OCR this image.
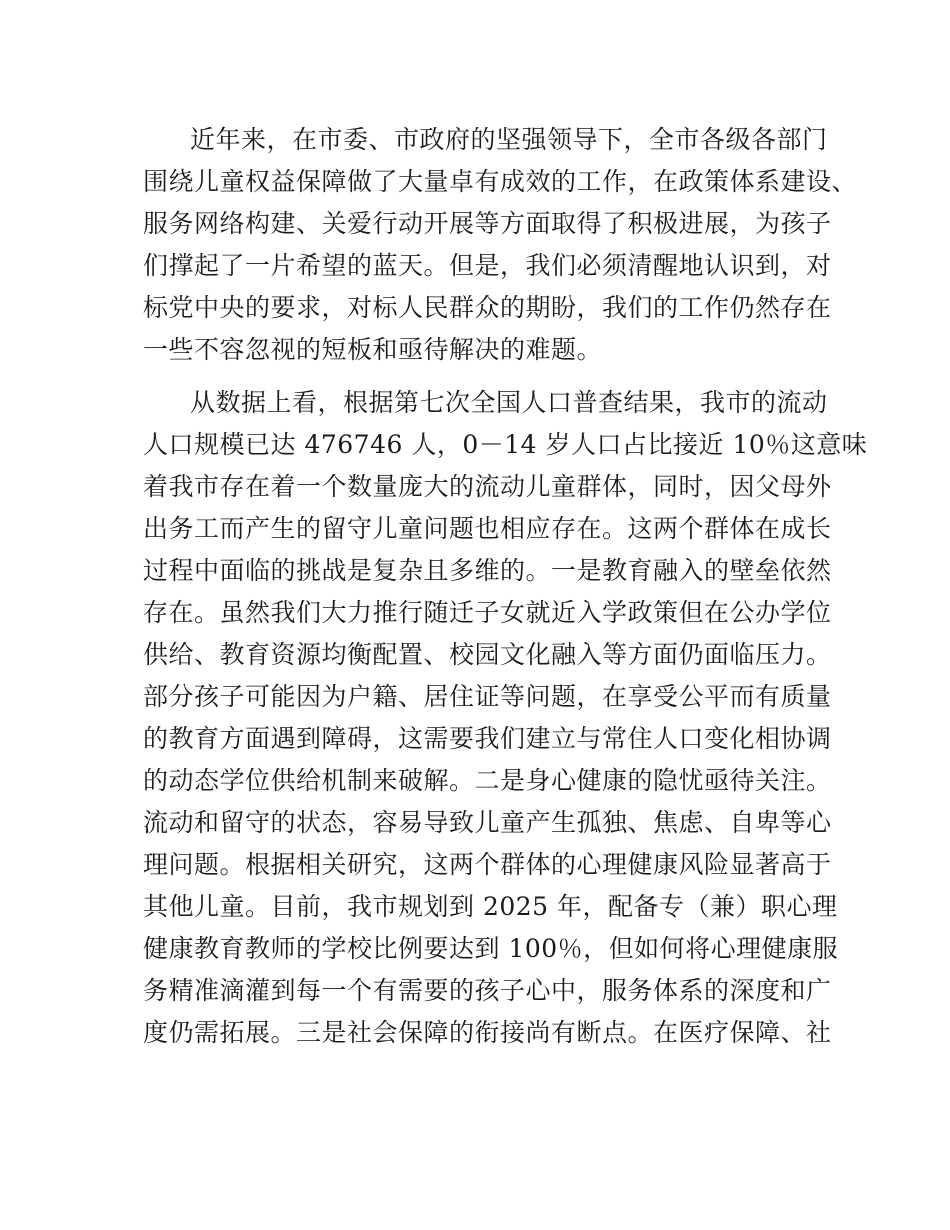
近年来，在市委、市政府的坚强领导下，全市各级各部门
围绕儿童权益保障做了大量卓有成效的工作，在政策体系建设、
服务网络构建、关爱行动开展等方面取得了积极进展，为孩子
们撑起了一片希望的蓝天。但是，我们必须清醒地认识到，对
标党中央的要求，对标人民群众的期盼，我们的工作仍然存在
一些不容忽视的短板和亟待解决的难题。
从数据上看，根据第七次全国人口普查结果，我市的流动
人口规模已达 476746 人，0－14 岁人口占比接近 10％这意味
着我市存在着一个数量庞大的流动儿童群体，同时，因父母外
出务工而产生的留守儿童问题也相应存在。这两个群体在成长
过程中面临的挑战是复杂且多维的。一是教育融入的壁垒依然
存在。虽然我们大力推行随迁子女就近入学政策但在公办学位
供给、教育资源均衡配置、校园文化融入等方面仍面临压力。
部分孩子可能因为户籍、居住证等问题，在享受公平而有质量
的教育方面遇到障碍，这需要我们建立与常住人口变化相协调
的动态学位供给机制来破解。二是身心健康的隐忧亟待关注。
流动和留守的状态，容易导致儿童产生孤独、焦虑、自卑等心
理问题。根据相关研究，这两个群体的心理健康风险显著高于
其他儿童。目前，我市规划到 2025 年，配备专（兼）职心理
健康教育教师的学校比例要达到 100％，但如何将心理健康服
务精准滴灌到每一个有需要的孩子心中，服务体系的深度和广
度仍需拓展。三是社会保障的衔接尚有断点。在医疗保障、社
